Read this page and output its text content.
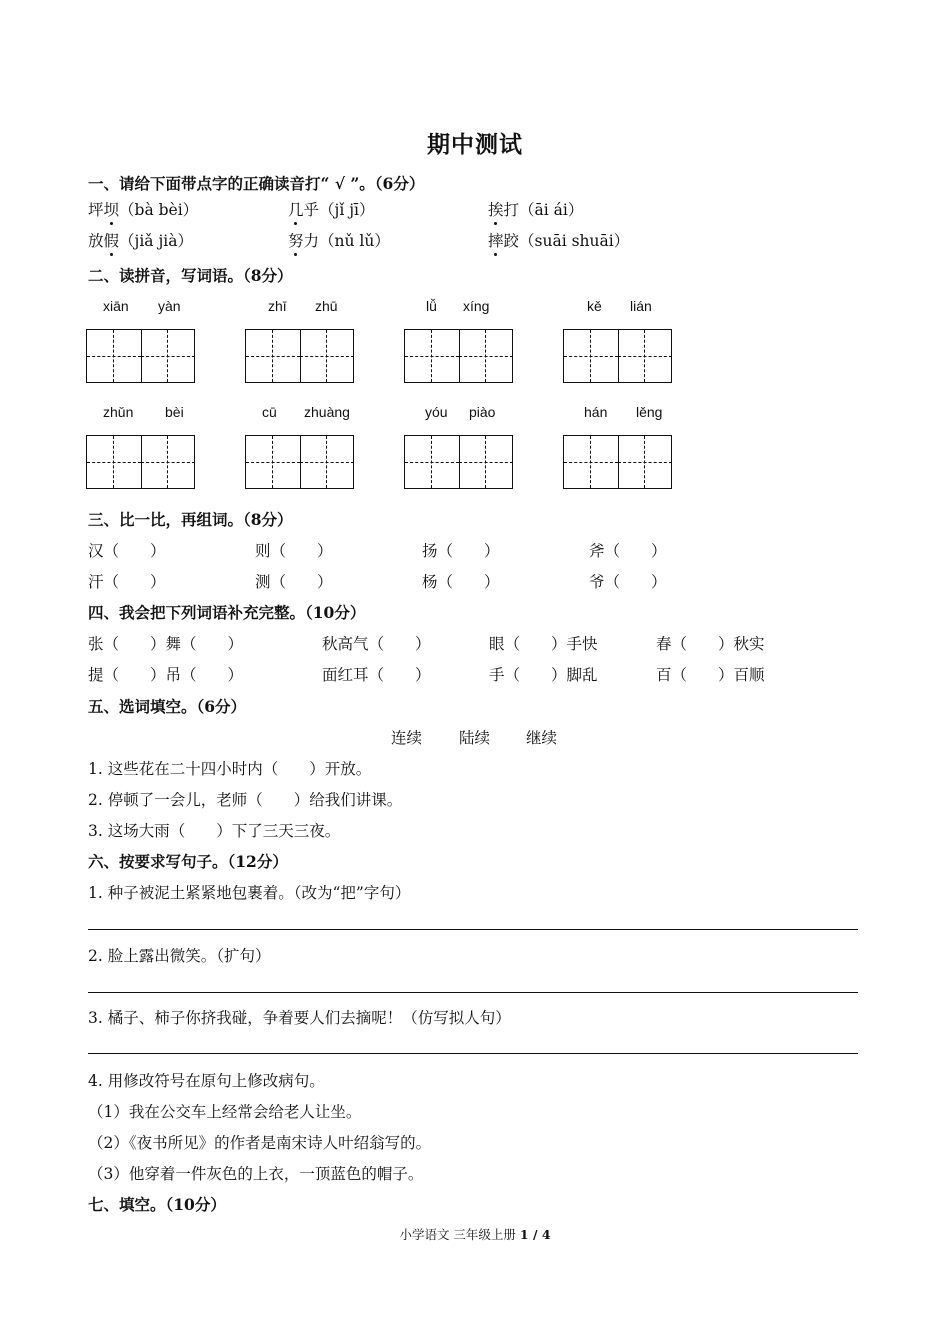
期中测试
一、请给下面带点字的正确读音打“ √ ”。（6分）
坪坝（bà bèi）	几乎（jǐ jī）	挨打（āi ái）
放假（jiǎ jià）	努力（nǔ lǔ）	摔跤（suāi shuāi）
二、读拼音，写词语。（8分）
xiān yàn	zhī zhū	lǚ xíng	kě lián
zhǔn bèi	cū zhuàng	yóu piào	hán lěng
三、比一比，再组词。（8分）
汉（　　）	则（　　）	扬（　　）	斧（　　）
汗（　　）	测（　　）	杨（　　）	爷（　　）
四、我会把下列词语补充完整。（10分）
张（　　）舞（　　）	秋高气（　　）	眼（　　）手快	春（　　）秋实
提（　　）吊（　　）	面红耳（　　）	手（　　）脚乱	百（　　）百顺
五、选词填空。（6分）
连续 陆续 继续
1. 这些花在二十四小时内（　　）开放。
2. 停顿了一会儿，老师（　　）给我们讲课。
3. 这场大雨（　　）下了三天三夜。
六、按要求写句子。（12分）
1. 种子被泥土紧紧地包裹着。（改为“把”字句）
2. 脸上露出微笑。（扩句）
3. 橘子、柿子你挤我碰，争着要人们去摘呢！（仿写拟人句）
4. 用修改符号在原句上修改病句。
（1）我在公交车上经常会给老人让坐。
（2）《夜书所见》的作者是南宋诗人叶绍翁写的。
（3）他穿着一件灰色的上衣，一顶蓝色的帽子。
七、填空。（10分）
小学语文 三年级上册 1 / 4
